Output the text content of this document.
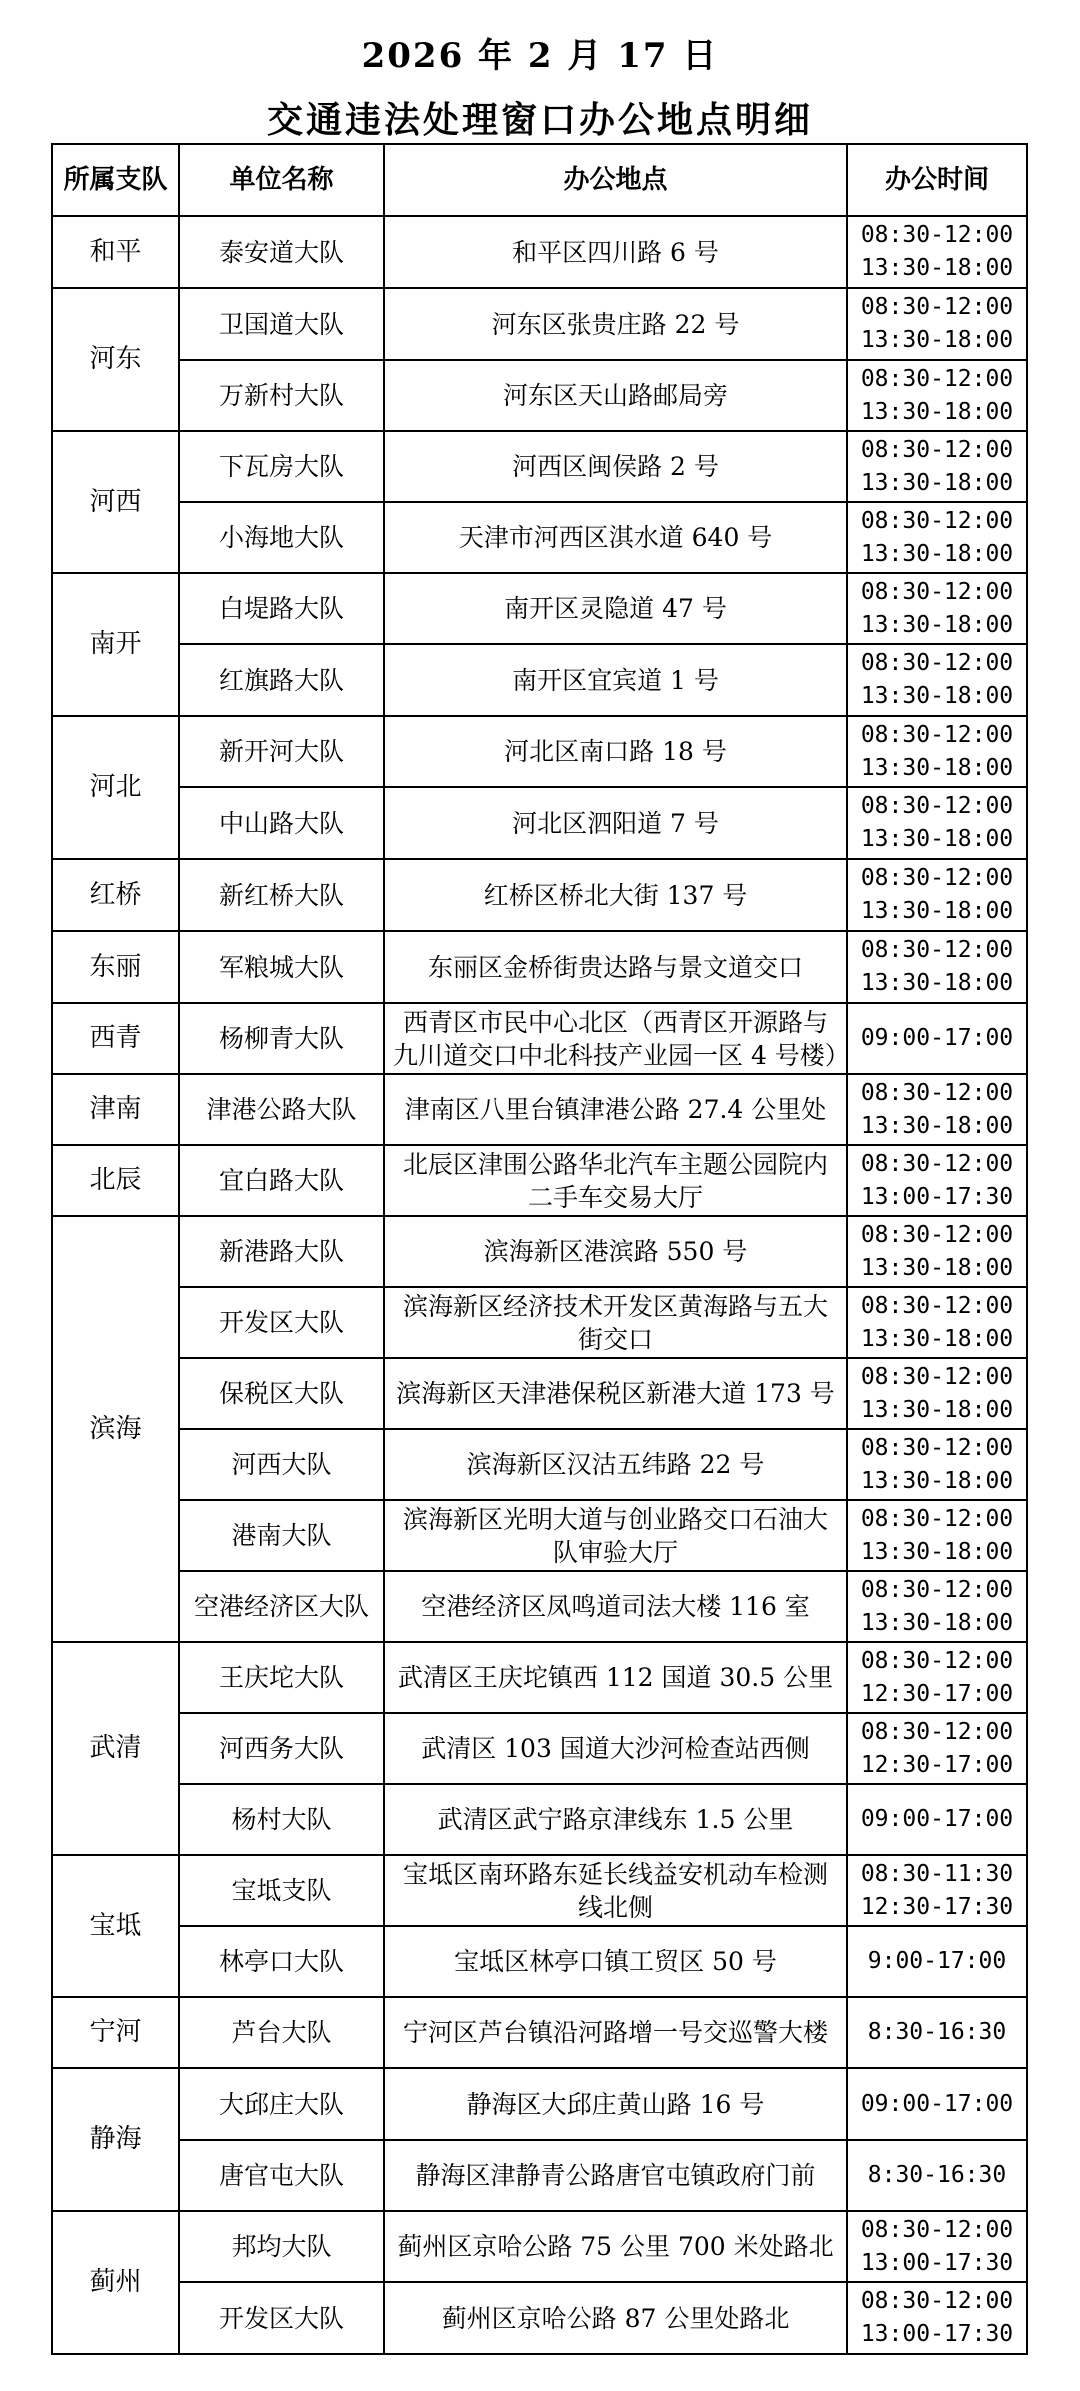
2026 年 2 月 17 日
交通违法处理窗口办公地点明细
所属支队	单位名称	办公地点	办公时间
和平	泰安道大队	和平区四川路 6 号	08:30-12:00
13:30-18:00
河东	卫国道大队	河东区张贵庄路 22 号	08:30-12:00
13:30-18:00
	万新村大队	河东区天山路邮局旁	08:30-12:00
13:30-18:00
河西	下瓦房大队	河西区闽侯路 2 号	08:30-12:00
13:30-18:00
	小海地大队	天津市河西区淇水道 640 号	08:30-12:00
13:30-18:00
南开	白堤路大队	南开区灵隐道 47 号	08:30-12:00
13:30-18:00
	红旗路大队	南开区宜宾道 1 号	08:30-12:00
13:30-18:00
河北	新开河大队	河北区南口路 18 号	08:30-12:00
13:30-18:00
	中山路大队	河北区泗阳道 7 号	08:30-12:00
13:30-18:00
红桥	新红桥大队	红桥区桥北大街 137 号	08:30-12:00
13:30-18:00
东丽	军粮城大队	东丽区金桥街贵达路与景文道交口	08:30-12:00
13:30-18:00
西青	杨柳青大队	西青区市民中心北区（西青区开源路与九川道交口中北科技产业园一区 4 号楼）	09:00-17:00
津南	津港公路大队	津南区八里台镇津港公路 27.4 公里处	08:30-12:00
13:30-18:00
北辰	宜白路大队	北辰区津围公路华北汽车主题公园院内二手车交易大厅	08:30-12:00
13:00-17:30
滨海	新港路大队	滨海新区港滨路 550 号	08:30-12:00
13:30-18:00
	开发区大队	滨海新区经济技术开发区黄海路与五大街交口	08:30-12:00
13:30-18:00
	保税区大队	滨海新区天津港保税区新港大道 173 号	08:30-12:00
13:30-18:00
	河西大队	滨海新区汉沽五纬路 22 号	08:30-12:00
13:30-18:00
	港南大队	滨海新区光明大道与创业路交口石油大队审验大厅	08:30-12:00
13:30-18:00
	空港经济区大队	空港经济区凤鸣道司法大楼 116 室	08:30-12:00
13:30-18:00
武清	王庆坨大队	武清区王庆坨镇西 112 国道 30.5 公里	08:30-12:00
12:30-17:00
	河西务大队	武清区 103 国道大沙河检查站西侧	08:30-12:00
12:30-17:00
	杨村大队	武清区武宁路京津线东 1.5 公里	09:00-17:00
宝坻	宝坻支队	宝坻区南环路东延长线益安机动车检测线北侧	08:30-11:30
12:30-17:30
	林亭口大队	宝坻区林亭口镇工贸区 50 号	9:00-17:00
宁河	芦台大队	宁河区芦台镇沿河路增一号交巡警大楼	8:30-16:30
静海	大邱庄大队	静海区大邱庄黄山路 16 号	09:00-17:00
	唐官屯大队	静海区津静青公路唐官屯镇政府门前	8:30-16:30
蓟州	邦均大队	蓟州区京哈公路 75 公里 700 米处路北	08:30-12:00
13:00-17:30
	开发区大队	蓟州区京哈公路 87 公里处路北	08:30-12:00
13:00-17:30
